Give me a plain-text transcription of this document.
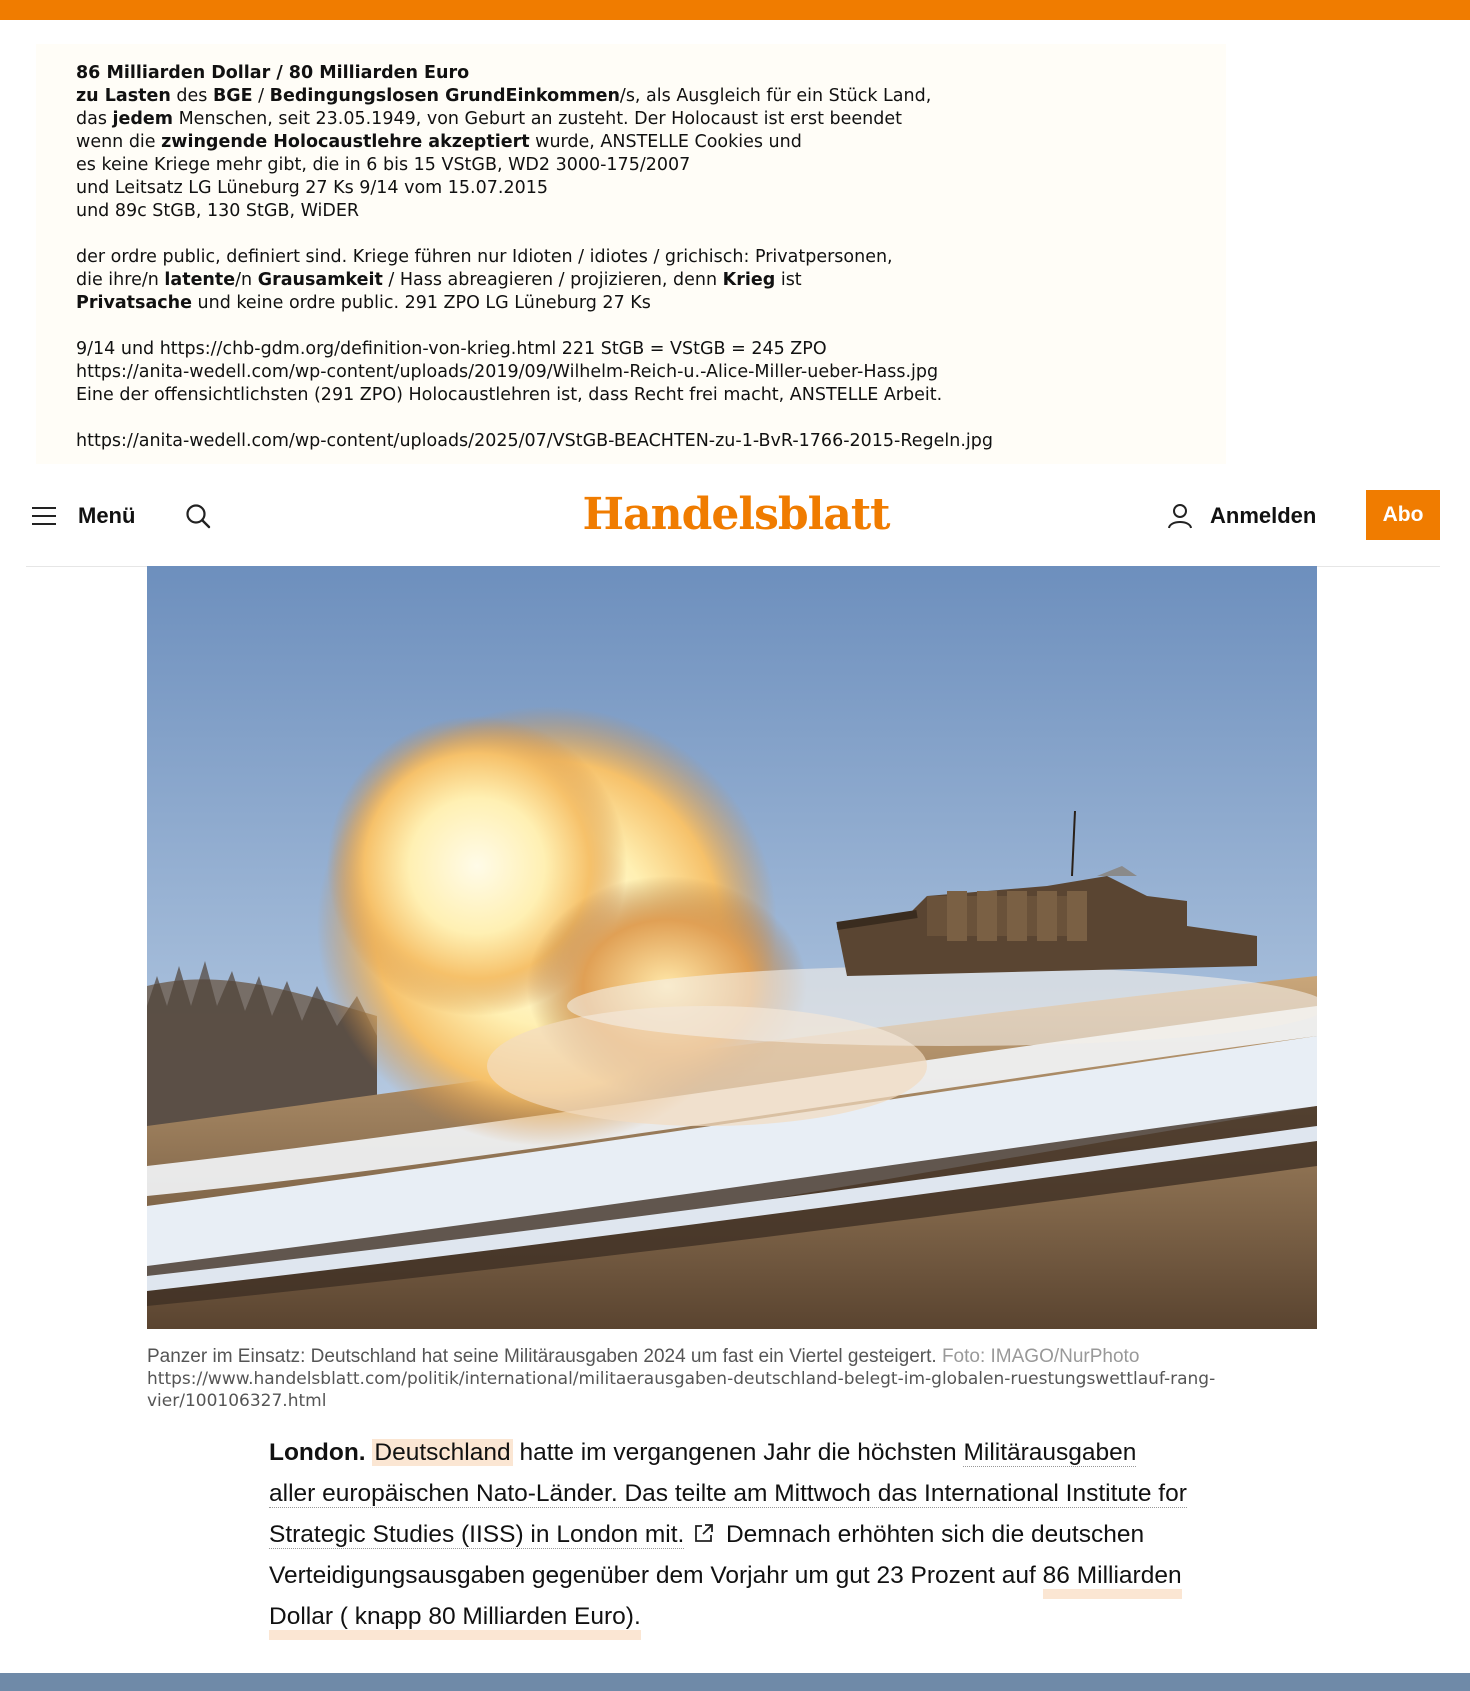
86 Milliarden Dollar / 80 Milliarden Euro
zu Lasten des BGE / Bedingungslosen GrundEinkommen/s, als Ausgleich für ein Stück Land,
das jedem Menschen, seit 23.05.1949, von Geburt an zusteht. Der Holocaust ist erst beendet
wenn die zwingende Holocaustlehre akzeptiert wurde, ANSTELLE Cookies und
es keine Kriege mehr gibt, die in 6 bis 15 VStGB, WD2 3000-175/2007
und Leitsatz LG Lüneburg 27 Ks 9/14 vom 15.07.2015
und 89c StGB, 130 StGB, WiDER

der ordre public, definiert sind. Kriege führen nur Idioten / idiotes / grichisch: Privatpersonen,
die ihre/n latente/n Grausamkeit / Hass abreagieren / projizieren, denn Krieg ist
Privatsache und keine ordre public. 291 ZPO LG Lüneburg 27 Ks

9/14 und https://chb-gdm.org/definition-von-krieg.html 221 StGB = VStGB = 245 ZPO
https://anita-wedell.com/wp-content/uploads/2019/09/Wilhelm-Reich-u.-Alice-Miller-ueber-Hass.jpg
Eine der offensichtlichsten (291 ZPO) Holocaustlehren ist, dass Recht frei macht, ANSTELLE Arbeit.

https://anita-wedell.com/wp-content/uploads/2025/07/VStGB-BEACHTEN-zu-1-BvR-1766-2015-Regeln.jpg
Menü	Handelsblatt	Anmelden	Abo
Panzer im Einsatz: Deutschland hat seine Militärausgaben 2024 um fast ein Viertel gesteigert. Foto: IMAGO/NurPhoto
https://www.handelsblatt.com/politik/international/militaerausgaben-deutschland-belegt-im-globalen-ruestungswettlauf-rang-vier/100106327.html
London. Deutschland hatte im vergangenen Jahr die höchsten Militärausgaben aller europäischen Nato-Länder. Das teilte am Mittwoch das International Institute for Strategic Studies (IISS) in London mit. Demnach erhöhten sich die deutschen Verteidigungsausgaben gegenüber dem Vorjahr um gut 23 Prozent auf 86 Milliarden Dollar ( knapp 80 Milliarden Euro).
